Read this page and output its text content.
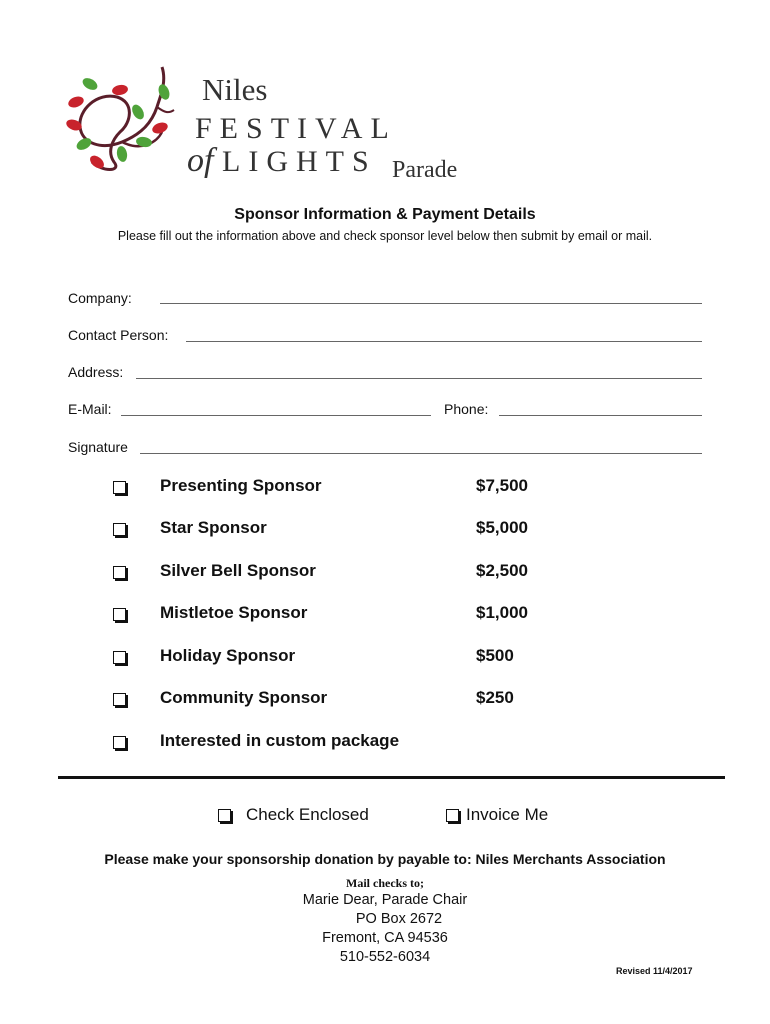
Niles
FESTIVAL
of LIGHTS Parade
Sponsor Information & Payment Details
Please fill out the information above and check sponsor level below then submit by email or mail.
Company:
Contact Person:
Address:
E-Mail:	Phone:
Signature
Presenting Sponsor	$7,500
Star Sponsor	$5,000
Silver Bell Sponsor	$2,500
Mistletoe Sponsor	$1,000
Holiday Sponsor	$500
Community Sponsor	$250
Interested in custom package
Check Enclosed	Invoice Me
Please make your sponsorship donation by payable to: Niles Merchants Association
Mail checks to;
Marie Dear, Parade Chair
PO Box 2672
Fremont, CA 94536
510-552-6034
Revised 11/4/2017
